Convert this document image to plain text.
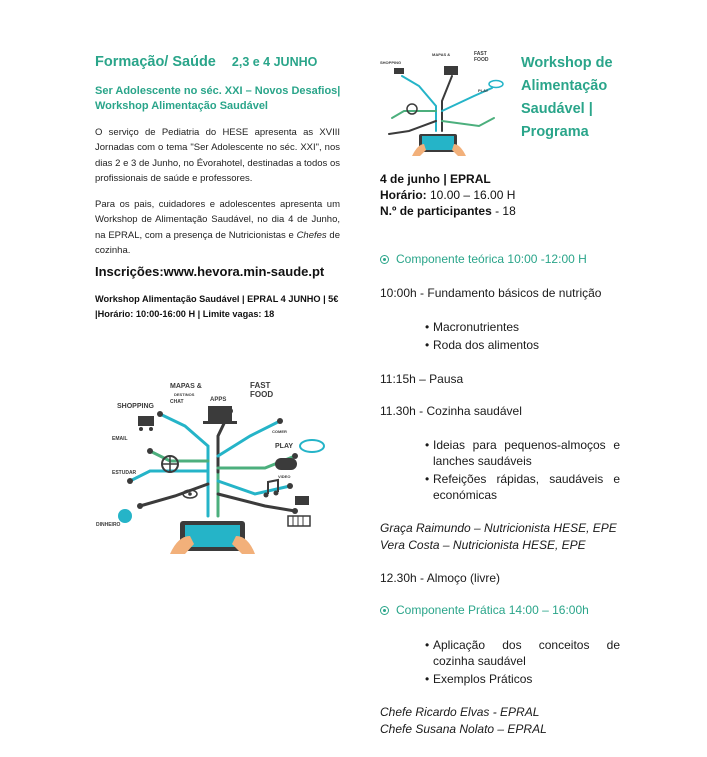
Formação/ Saúde 2,3 e 4 JUNHO
Ser Adolescente no séc. XXI – Novos Desafios| Workshop Alimentação Saudável
O serviço de Pediatria do HESE apresenta as XVIII Jornadas com o tema "Ser Adolescente no séc. XXI", nos dias 2 e 3 de Junho, no Évorahotel, destinadas a todos os profissionais de saúde e professores.
Para os pais, cuidadores e adolescentes apresenta um Workshop de Alimentação Saudável, no dia 4 de Junho, na EPRAL, com a presença de Nutricionistas e Chefes de cozinha.
Inscrições:www.hevora.min-saude.pt
Workshop Alimentação Saudável | EPRAL 4 JUNHO | 5€ |Horário: 10:00-16:00 H | Limite vagas: 18
MAPAS &
DESTINOS
FAST
FOOD
SHOPPING
CHAT	APPS
PLAY
EMAIL
ESTUDAR
DINHEIRO
COMER
VIDEO
MAPAS &	FAST
FOOD
SHOPPING
PLAY
Workshop de Alimentação Saudável | Programa
4 de junho | EPRAL
Horário: 10.00 – 16.00 H
N.º de participantes - 18
Componente teórica 10:00 -12:00 H
10:00h - Fundamento básicos de nutrição
• Macronutrientes
• Roda dos alimentos
11:15h – Pausa
11.30h - Cozinha saudável
• Ideias para pequenos-almoços e lanches saudáveis
• Refeições rápidas, saudáveis e económicas
Graça Raimundo – Nutricionista HESE, EPE
Vera Costa – Nutricionista HESE, EPE
12.30h - Almoço (livre)
Componente Prática 14:00 – 16:00h
• Aplicação dos conceitos de cozinha saudável
• Exemplos Práticos
Chefe Ricardo Elvas - EPRAL
Chefe Susana Nolato – EPRAL
